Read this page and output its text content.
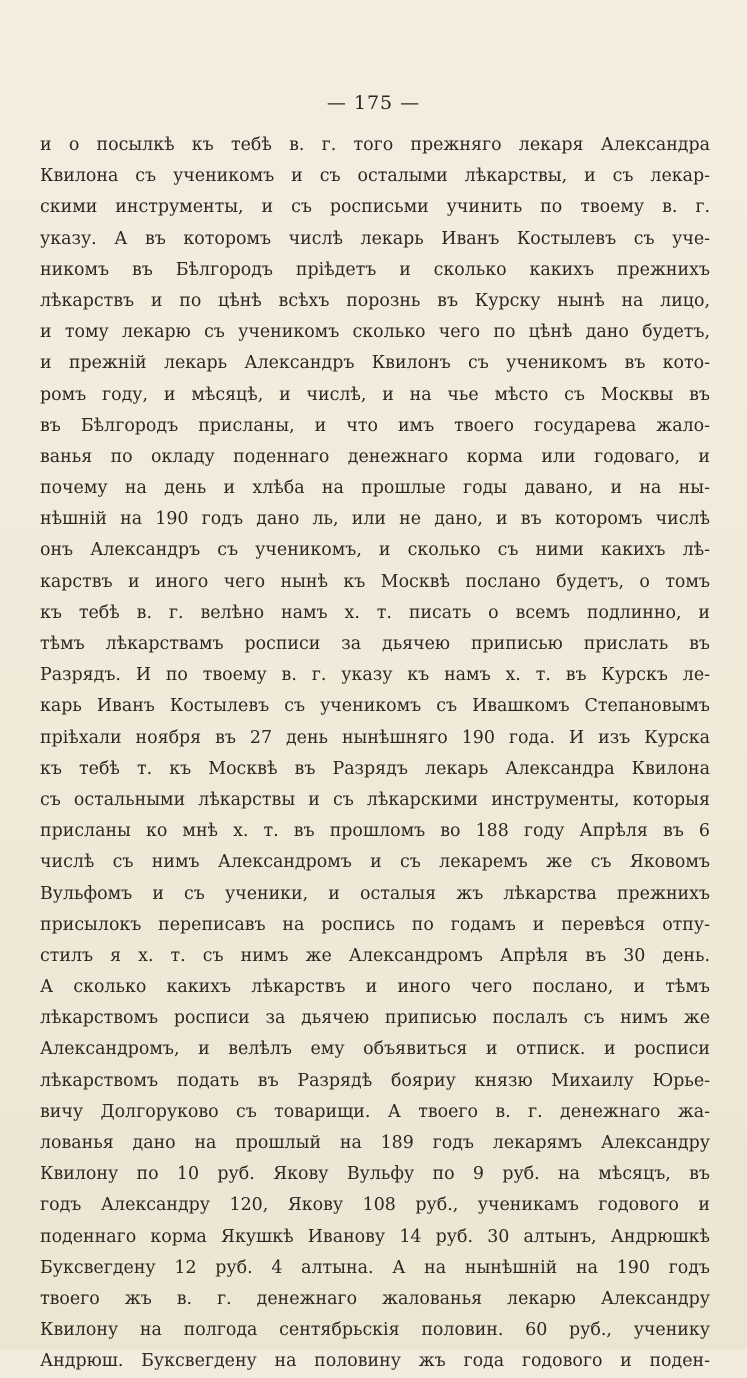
— 175 —
и о посылкѣ къ тебѣ в. г. того прежняго лекаря Александра
Квилона съ ученикомъ и съ осталыми лѣкарствы, и съ лекар-
скими инструменты, и съ росписьми учинить по твоему в. г.
указу. А въ которомъ числѣ лекарь Иванъ Костылевъ съ уче-
никомъ въ Бѣлгородъ пріѣдетъ и сколько какихъ прежнихъ
лѣкарствъ и по цѣнѣ всѣхъ порознь въ Курску нынѣ на лицо,
и тому лекарю съ ученикомъ сколько чего по цѣнѣ дано будетъ,
и прежній лекарь Александръ Квилонъ съ ученикомъ въ кото-
ромъ году, и мѣсяцѣ, и числѣ, и на чье мѣсто съ Москвы въ
въ Бѣлгородъ присланы, и что имъ твоего государева жало-
ванья по окладу поденнаго денежнаго корма или годоваго, и
почему на день и хлѣба на прошлые годы давано, и на ны-
нѣшній на 190 годъ дано ль, или не дано, и въ которомъ числѣ
онъ Александръ съ ученикомъ, и сколько съ ними какихъ лѣ-
карствъ и иного чего нынѣ къ Москвѣ послано будетъ, о томъ
къ тебѣ в. г. велѣно намъ х. т. писать о всемъ подлинно, и
тѣмъ лѣкарствамъ росписи за дьячею приписью прислать въ
Разрядъ. И по твоему в. г. указу къ намъ х. т. въ Курскъ ле-
карь Иванъ Костылевъ съ ученикомъ съ Ивашкомъ Степановымъ
пріѣхали ноября въ 27 день нынѣшняго 190 года. И изъ Курска
къ тебѣ т. къ Москвѣ въ Разрядъ лекарь Александра Квилона
съ остальными лѣкарствы и съ лѣкарскими инструменты, которыя
присланы ко мнѣ х. т. въ прошломъ во 188 году Апрѣля въ 6
числѣ съ нимъ Александромъ и съ лекаремъ же съ Яковомъ
Вульфомъ и съ ученики, и осталыя жъ лѣкарства прежнихъ
присылокъ переписавъ на роспись по годамъ и перевѣся отпу-
стилъ я х. т. съ нимъ же Александромъ Апрѣля въ 30 день.
А сколько какихъ лѣкарствъ и иного чего послано, и тѣмъ
лѣкарствомъ росписи за дьячею приписью послалъ съ нимъ же
Александромъ, и велѣлъ ему объявиться и отписк. и росписи
лѣкарствомъ подать въ Разрядѣ бояриу князю Михаилу Юрье-
вичу Долгоруково съ товарищи. А твоего в. г. денежнаго жа-
лованья дано на прошлый на 189 годъ лекарямъ Александру
Квилону по 10 руб. Якову Вульфу по 9 руб. на мѣсяцъ, въ
годъ Александру 120, Якову 108 руб., ученикамъ годового и
поденнаго корма Якушкѣ Иванову 14 руб. 30 алтынъ, Андрюшкѣ
Буксвегдену 12 руб. 4 алтына. А на нынѣшній на 190 годъ
твоего жъ в. г. денежнаго жалованья лекарю Александру
Квилону на полгода сентябрьскія половин. 60 руб., ученику
Андрюш. Буксвегдену на половину жъ года годового и поден-
